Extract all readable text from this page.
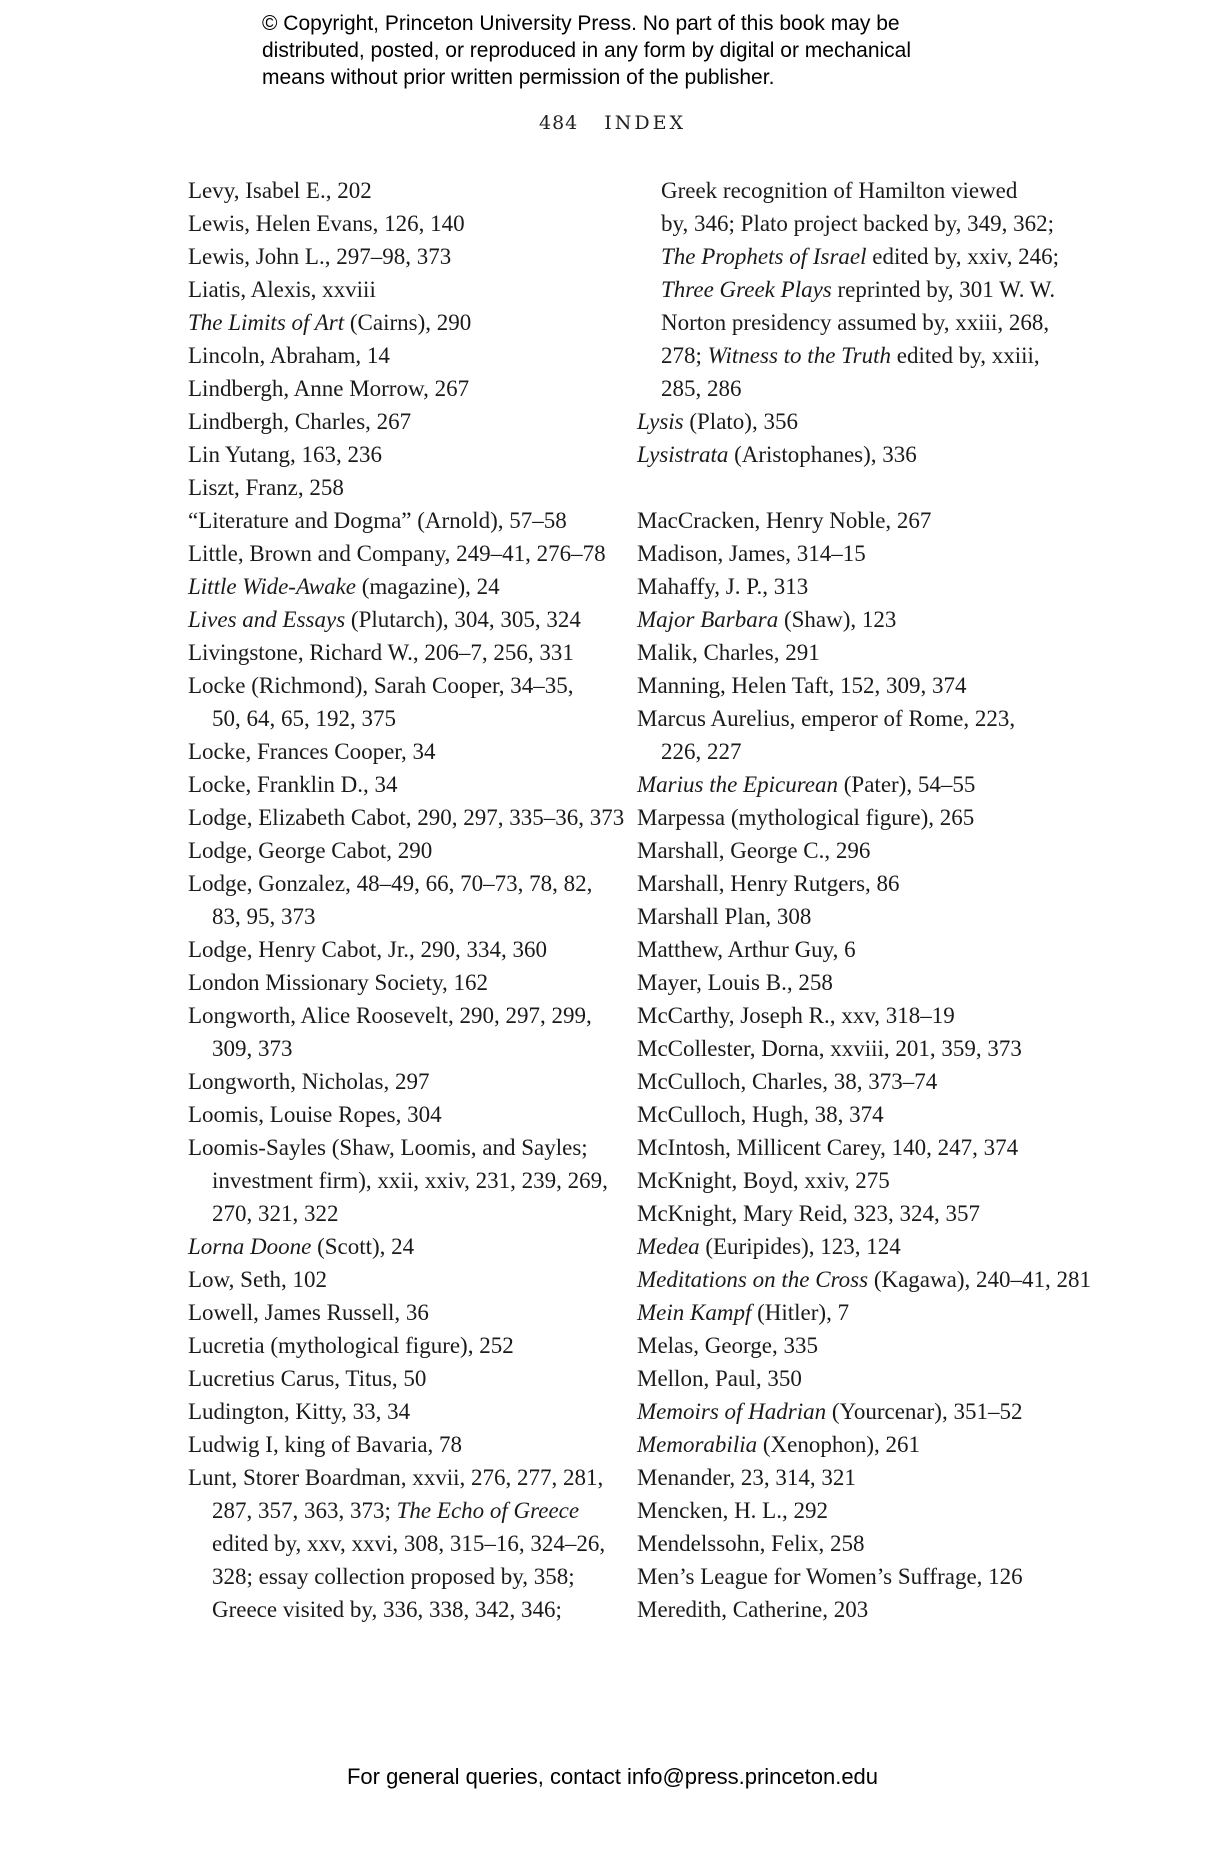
© Copyright, Princeton University Press. No part of this book may be
distributed, posted, or reproduced in any form by digital or mechanical
means without prior written permission of the publisher.
484 INDEX
Levy, Isabel E., 202
Lewis, Helen Evans, 126, 140
Lewis, John L., 297–98, 373
Liatis, Alexis, xxviii
The Limits of Art (Cairns), 290
Lincoln, Abraham, 14
Lindbergh, Anne Morrow, 267
Lindbergh, Charles, 267
Lin Yutang, 163, 236
Liszt, Franz, 258
“Literature and Dogma” (Arnold), 57–58
Little, Brown and Company, 249–41, 276–78
Little Wide-Awake (magazine), 24
Lives and Essays (Plutarch), 304, 305, 324
Livingstone, Richard W., 206–7, 256, 331
Locke (Richmond), Sarah Cooper, 34–35,
50, 64, 65, 192, 375
Locke, Frances Cooper, 34
Locke, Franklin D., 34
Lodge, Elizabeth Cabot, 290, 297, 335–36, 373
Lodge, George Cabot, 290
Lodge, Gonzalez, 48–49, 66, 70–73, 78, 82,
83, 95, 373
Lodge, Henry Cabot, Jr., 290, 334, 360
London Missionary Society, 162
Longworth, Alice Roosevelt, 290, 297, 299,
309, 373
Longworth, Nicholas, 297
Loomis, Louise Ropes, 304
Loomis-Sayles (Shaw, Loomis, and Sayles;
investment firm), xxii, xxiv, 231, 239, 269,
270, 321, 322
Lorna Doone (Scott), 24
Low, Seth, 102
Lowell, James Russell, 36
Lucretia (mythological figure), 252
Lucretius Carus, Titus, 50
Ludington, Kitty, 33, 34
Ludwig I, king of Bavaria, 78
Lunt, Storer Boardman, xxvii, 276, 277, 281,
287, 357, 363, 373; The Echo of Greece
edited by, xxv, xxvi, 308, 315–16, 324–26,
328; essay collection proposed by, 358;
Greece visited by, 336, 338, 342, 346;
Greek recognition of Hamilton viewed
by, 346; Plato project backed by, 349, 362;
The Prophets of Israel edited by, xxiv, 246;
Three Greek Plays reprinted by, 301 W. W.
Norton presidency assumed by, xxiii, 268,
278; Witness to the Truth edited by, xxiii,
285, 286
Lysis (Plato), 356
Lysistrata (Aristophanes), 336
MacCracken, Henry Noble, 267
Madison, James, 314–15
Mahaffy, J. P., 313
Major Barbara (Shaw), 123
Malik, Charles, 291
Manning, Helen Taft, 152, 309, 374
Marcus Aurelius, emperor of Rome, 223,
226, 227
Marius the Epicurean (Pater), 54–55
Marpessa (mythological figure), 265
Marshall, George C., 296
Marshall, Henry Rutgers, 86
Marshall Plan, 308
Matthew, Arthur Guy, 6
Mayer, Louis B., 258
McCarthy, Joseph R., xxv, 318–19
McCollester, Dorna, xxviii, 201, 359, 373
McCulloch, Charles, 38, 373–74
McCulloch, Hugh, 38, 374
McIntosh, Millicent Carey, 140, 247, 374
McKnight, Boyd, xxiv, 275
McKnight, Mary Reid, 323, 324, 357
Medea (Euripides), 123, 124
Meditations on the Cross (Kagawa), 240–41, 281
Mein Kampf (Hitler), 7
Melas, George, 335
Mellon, Paul, 350
Memoirs of Hadrian (Yourcenar), 351–52
Memorabilia (Xenophon), 261
Menander, 23, 314, 321
Mencken, H. L., 292
Mendelssohn, Felix, 258
Men’s League for Women’s Suffrage, 126
Meredith, Catherine, 203
For general queries, contact info@press.princeton.edu
